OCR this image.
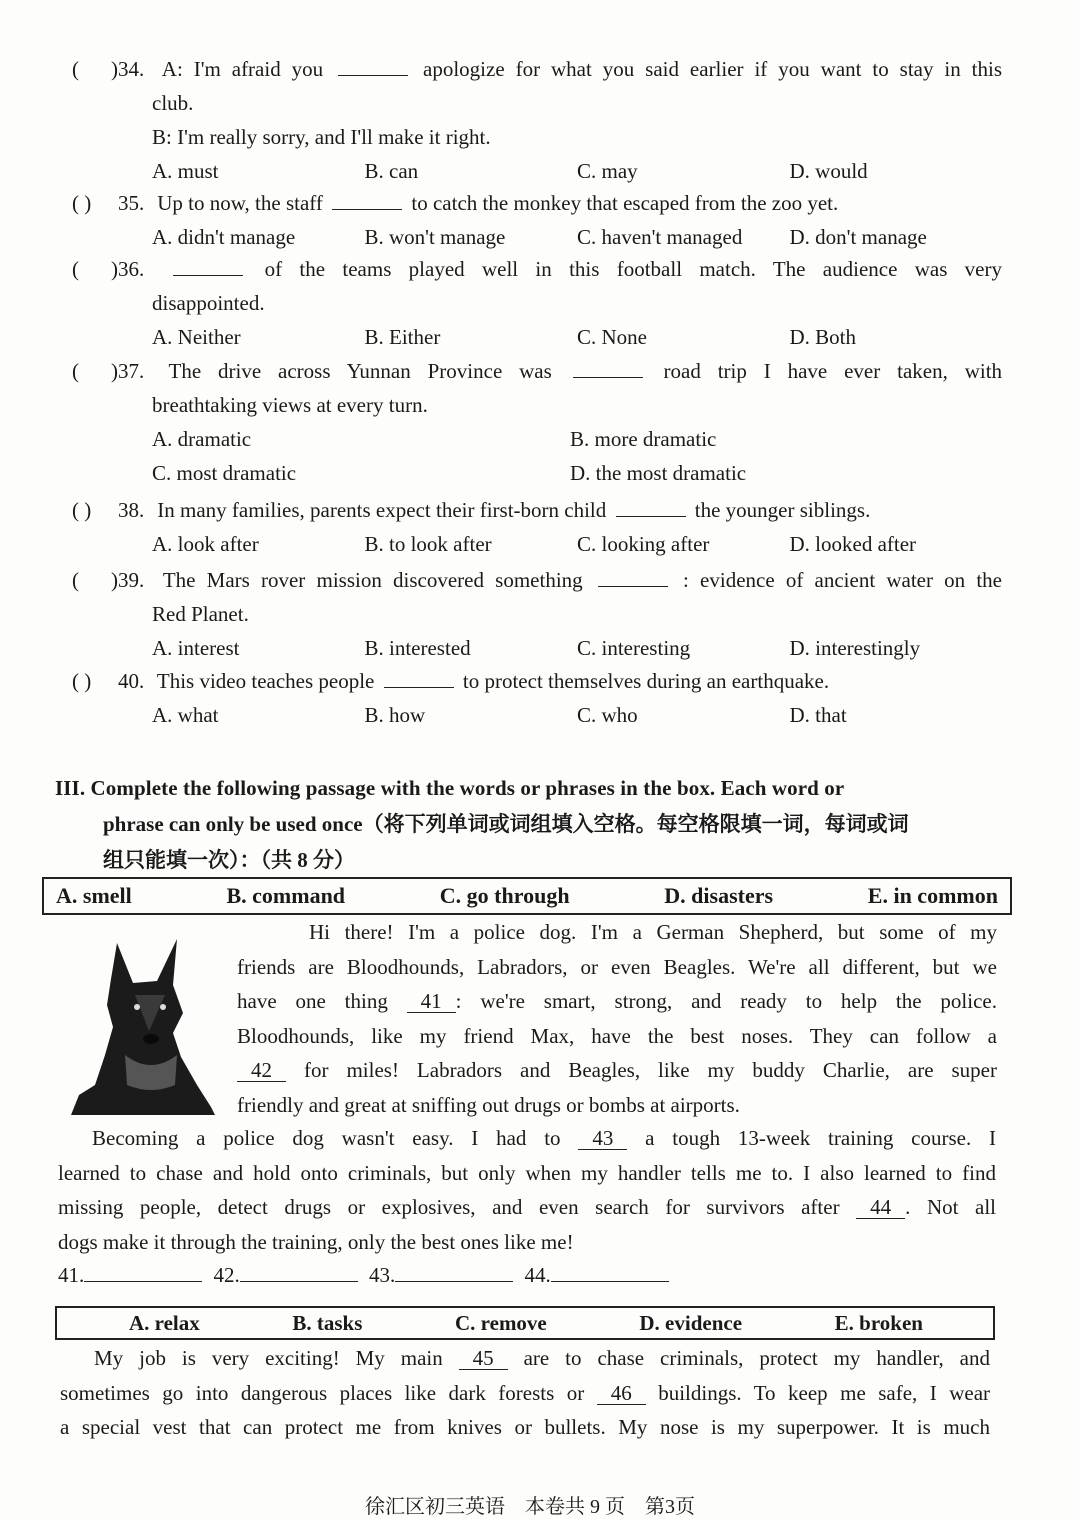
( )34. A: I'm afraid you	apologize for what you said earlier if you want to stay in this
club.
B: I'm really sorry, and I'll make it right.
A. must	B. can	C. may	D. would
( ) 35. Up to now, the staff	to catch the monkey that escaped from the zoo yet.
A. didn't manage	B. won't manage	C. haven't managed	D. don't manage
( )36.	of the teams played well in this football match. The audience was very
disappointed.
A. Neither	B. Either	C. None	D. Both
( )37. The drive across Yunnan Province was	road trip I have ever taken, with
breathtaking views at every turn.
A. dramatic	B. more dramatic
C. most dramatic	D. the most dramatic
( ) 38. In many families, parents expect their first-born child	the younger siblings.
A. look after	B. to look after	C. looking after	D. looked after
( )39. The Mars rover mission discovered something	: evidence of ancient water on the
Red Planet.
A. interest	B. interested	C. interesting	D. interestingly
( ) 40. This video teaches people	to protect themselves during an earthquake.
A. what	B. how	C. who	D. that
III. Complete the following passage with the words or phrases in the box. Each word or
phrase can only be used once（将下列单词或词组填入空格。每空格限填一词，每词或词
组只能填一次）：（共 8 分）
A. smell	B. command	C. go through	D. disasters	E. in common
Hi there! I'm a police dog. I'm a German Shepherd, but some of my
friends are Bloodhounds, Labradors, or even Beagles. We're all different, but we
have one thing 41 : we're smart, strong, and ready to help the police.
Bloodhounds, like my friend Max, have the best noses. They can follow a
42 for miles! Labradors and Beagles, like my buddy Charlie, are super
friendly and great at sniffing out drugs or bombs at airports.
Becoming a police dog wasn't easy. I had to 43 a tough 13-week training course. I
learned to chase and hold onto criminals, but only when my handler tells me to. I also learned to find
missing people, detect drugs or explosives, and even search for survivors after 44 . Not all
dogs make it through the training, only the best ones like me!
41.	42.	43.	44.
A. relax	B. tasks	C. remove	D. evidence	E. broken
My job is very exciting! My main 45 are to chase criminals, protect my handler, and
sometimes go into dangerous places like dark forests or 46 buildings. To keep me safe, I wear
a special vest that can protect me from knives or bullets. My nose is my superpower. It is much
徐汇区初三英语　本卷共 9 页　第3页
